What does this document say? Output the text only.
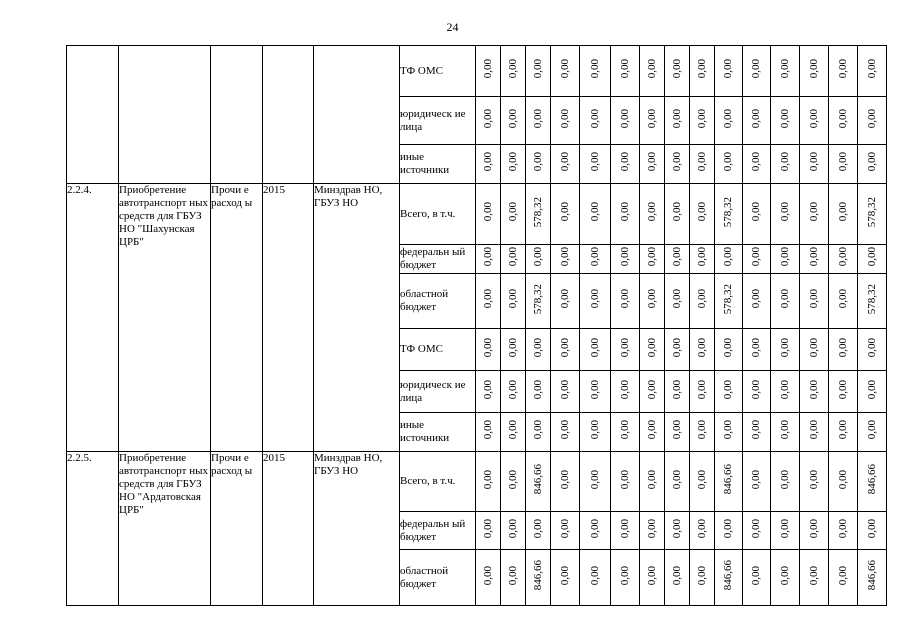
24
					ТФ ОМС	0,00	0,00	0,00	0,00	0,00	0,00	0,00	0,00	0,00	0,00	0,00	0,00	0,00	0,00	0,00
					юридическ ие лица	0,00	0,00	0,00	0,00	0,00	0,00	0,00	0,00	0,00	0,00	0,00	0,00	0,00	0,00	0,00
					иные источники	0,00	0,00	0,00	0,00	0,00	0,00	0,00	0,00	0,00	0,00	0,00	0,00	0,00	0,00	0,00
2.2.4.	Приобретение автотранспорт ных средств для ГБУЗ НО "Шахунская ЦРБ"	Прочи е расход ы	2015	Минздрав НО, ГБУЗ НО	Всего, в т.ч.	0,00	0,00	578,32	0,00	0,00	0,00	0,00	0,00	0,00	578,32	0,00	0,00	0,00	0,00	578,32
					федеральн ый бюджет	0,00	0,00	0,00	0,00	0,00	0,00	0,00	0,00	0,00	0,00	0,00	0,00	0,00	0,00	0,00
					областной бюджет	0,00	0,00	578,32	0,00	0,00	0,00	0,00	0,00	0,00	578,32	0,00	0,00	0,00	0,00	578,32
					ТФ ОМС	0,00	0,00	0,00	0,00	0,00	0,00	0,00	0,00	0,00	0,00	0,00	0,00	0,00	0,00	0,00
					юридическ ие лица	0,00	0,00	0,00	0,00	0,00	0,00	0,00	0,00	0,00	0,00	0,00	0,00	0,00	0,00	0,00
					иные источники	0,00	0,00	0,00	0,00	0,00	0,00	0,00	0,00	0,00	0,00	0,00	0,00	0,00	0,00	0,00
2.2.5.	Приобретение автотранспорт ных средств для ГБУЗ НО "Ардатовская ЦРБ"	Прочи е расход ы	2015	Минздрав НО, ГБУЗ НО	Всего, в т.ч.	0,00	0,00	846,66	0,00	0,00	0,00	0,00	0,00	0,00	846,66	0,00	0,00	0,00	0,00	846,66
					федеральн ый бюджет	0,00	0,00	0,00	0,00	0,00	0,00	0,00	0,00	0,00	0,00	0,00	0,00	0,00	0,00	0,00
					областной бюджет	0,00	0,00	846,66	0,00	0,00	0,00	0,00	0,00	0,00	846,66	0,00	0,00	0,00	0,00	846,66
